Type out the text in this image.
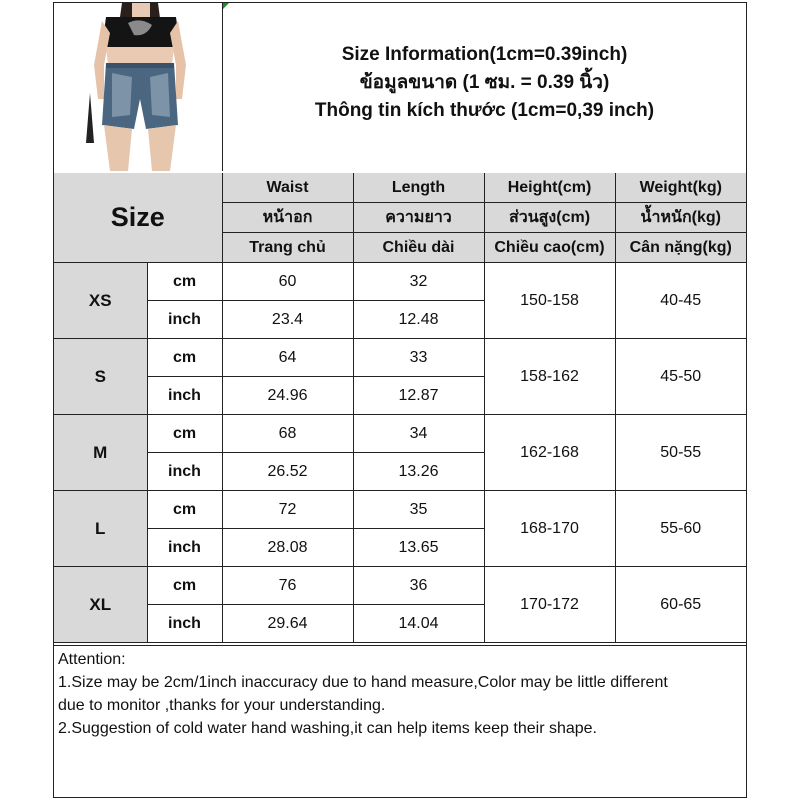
Size Information(1cm=0.39inch)
ข้อมูลขนาด (1 ซม. = 0.39 นิ้ว)
Thông tin kích thước (1cm=0,39 inch)
Size		Waist	Length	Height(cm)	Weight(kg)
		หน้าอก	ความยาว	ส่วนสูง(cm)	น้ำหนัก(kg)
		Trang chủ	Chiều dài	Chiều cao(cm)	Cân nặng(kg)
XS	cm	60	32	150-158	40-45
	inch	23.4	12.48		
S	cm	64	33	158-162	45-50
	inch	24.96	12.87		
M	cm	68	34	162-168	50-55
	inch	26.52	13.26		
L	cm	72	35	168-170	55-60
	inch	28.08	13.65		
XL	cm	76	36	170-172	60-65
	inch	29.64	14.04		
Attention:
1.Size may be 2cm/1inch inaccuracy due to hand measure,Color may be little different
due to monitor ,thanks for your understanding.
2.Suggestion of cold water hand washing,it can help items keep their shape.
